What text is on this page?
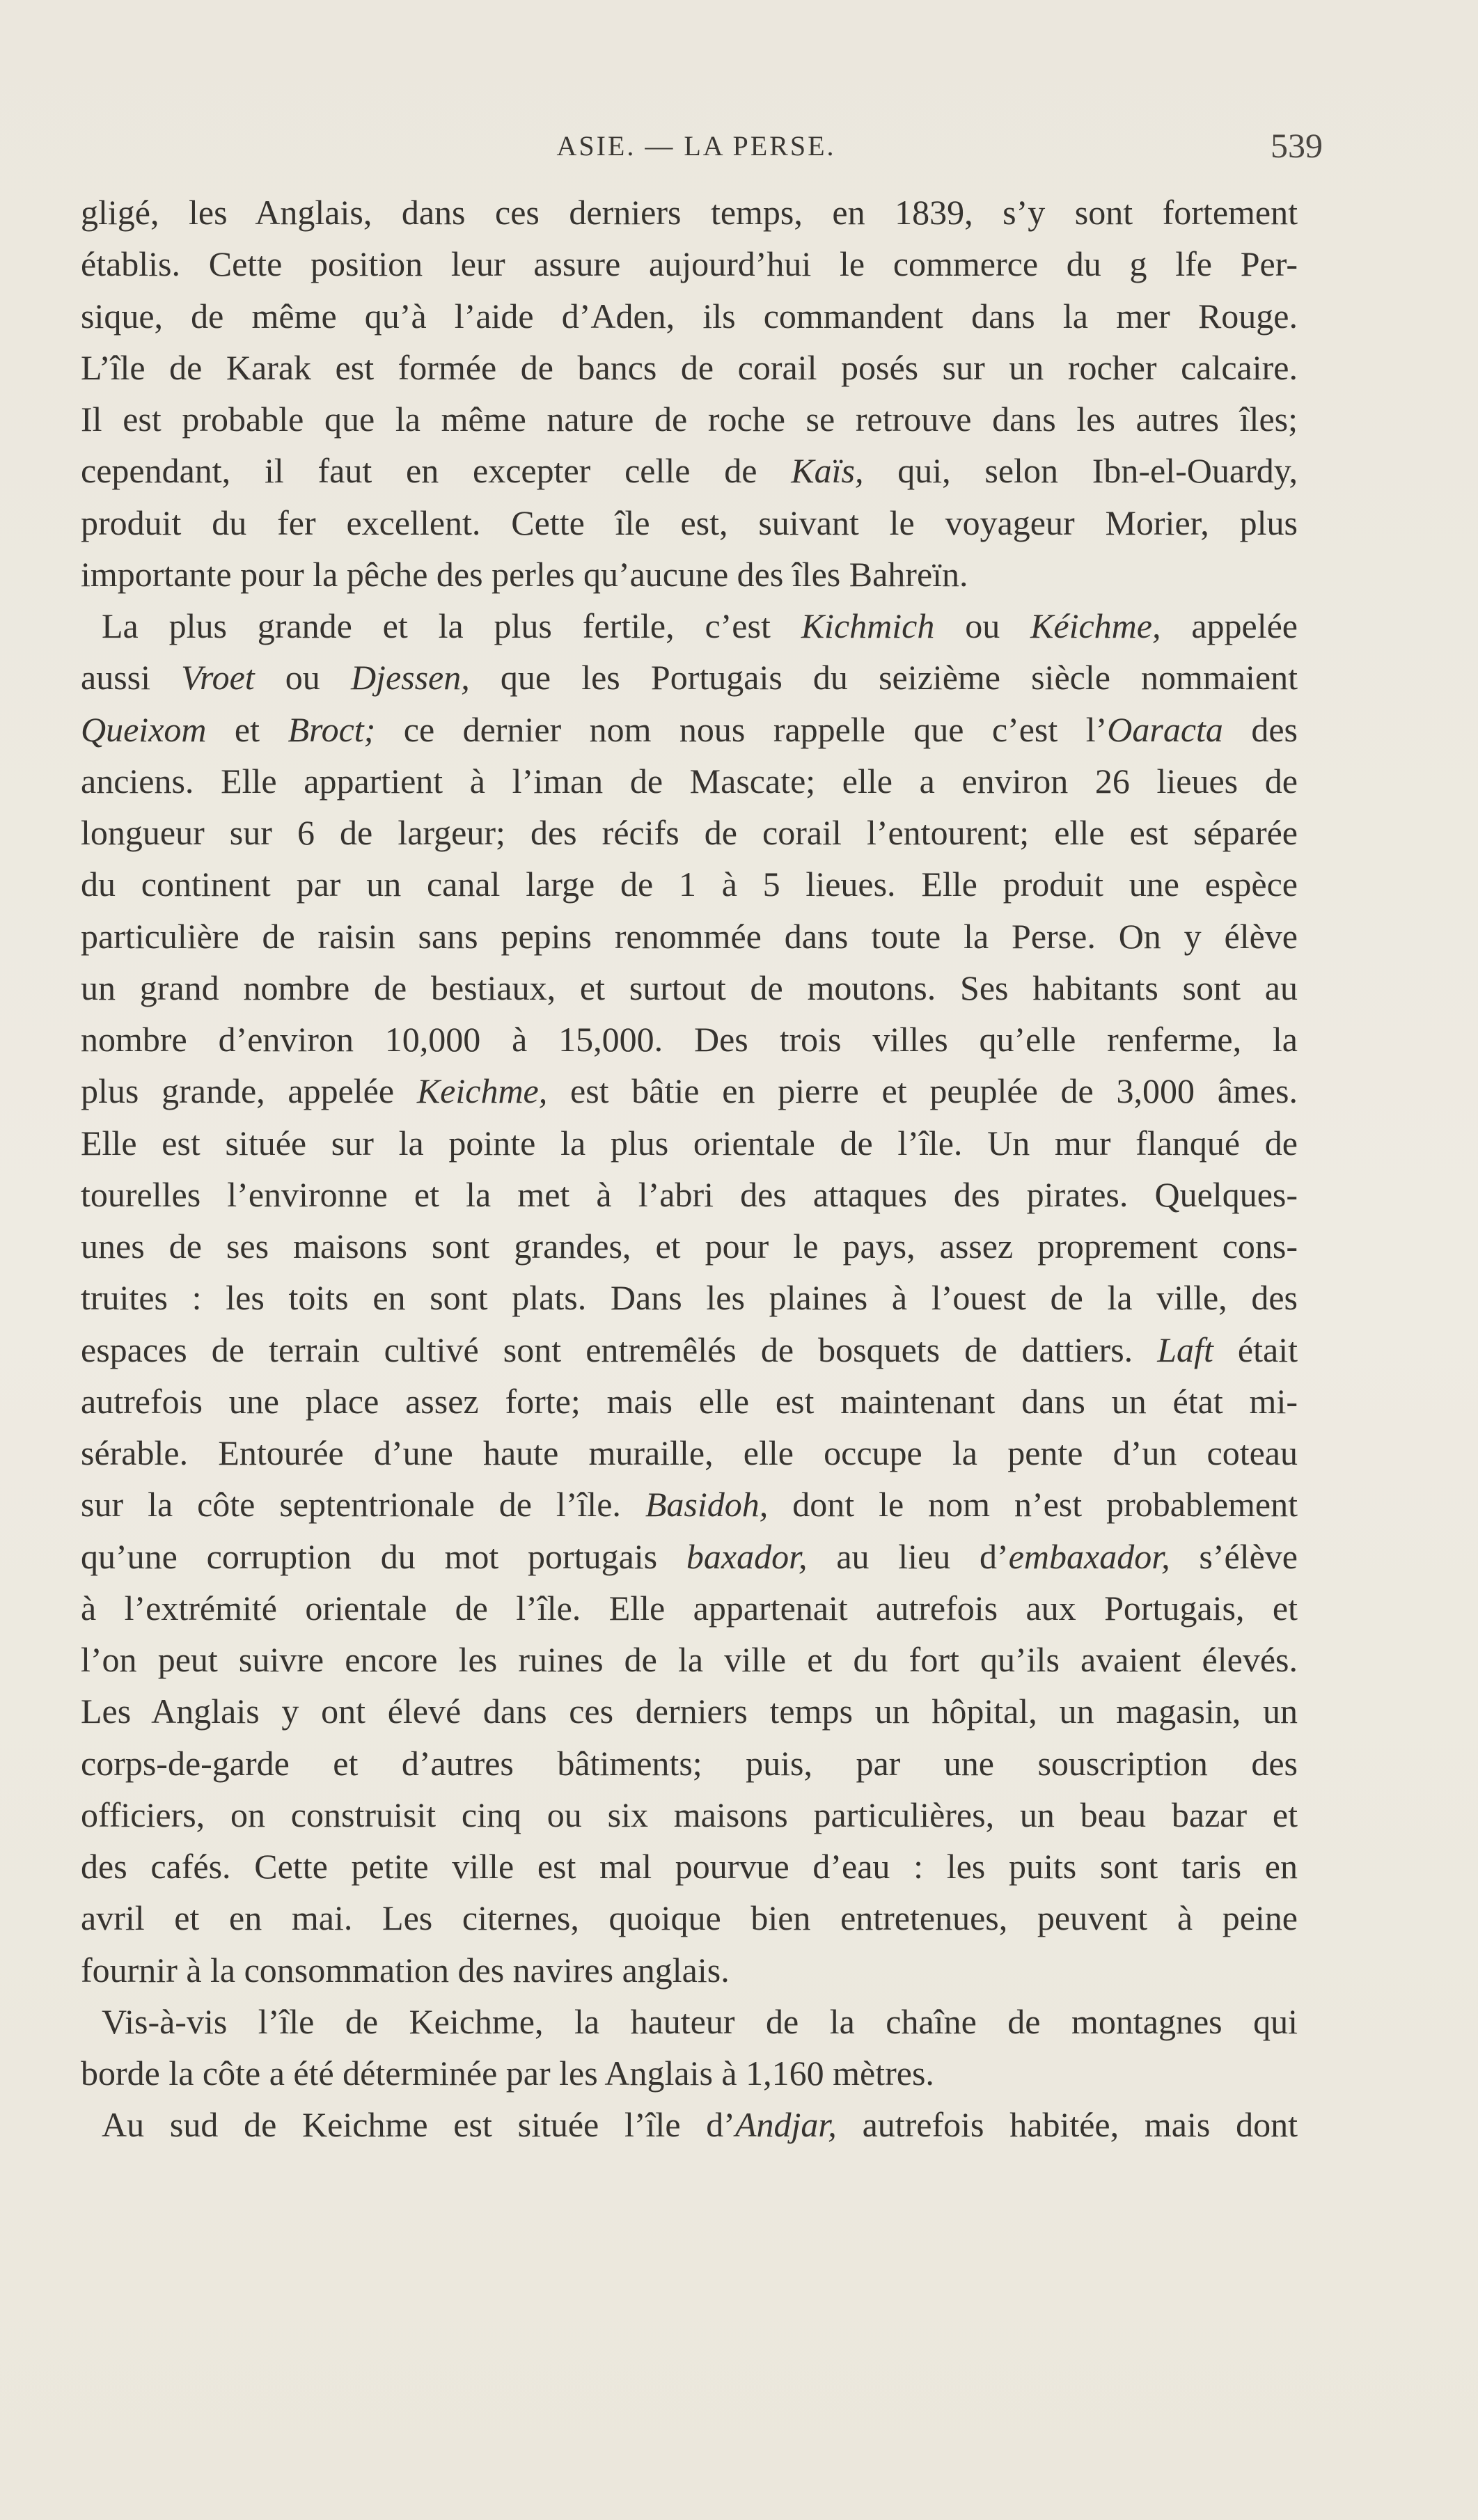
ASIE. — LA PERSE.	539
gligé, les Anglais, dans ces derniers temps, en 1839, s’y sont fortement
établis. Cette position leur assure aujourd’hui le commerce du g lfe Per-
sique, de même qu’à l’aide d’Aden, ils commandent dans la mer Rouge.
L’île de Karak est formée de bancs de corail posés sur un rocher calcaire.
Il est probable que la même nature de roche se retrouve dans les autres îles;
cependant, il faut en excepter celle de Kaïs, qui, selon Ibn-el-Ouardy,
produit du fer excellent. Cette île est, suivant le voyageur Morier, plus
importante pour la pêche des perles qu’aucune des îles Bahreïn.
La plus grande et la plus fertile, c’est Kichmich ou Kéichme, appelée
aussi Vroet ou Djessen, que les Portugais du seizième siècle nommaient
Queixom et Broct; ce dernier nom nous rappelle que c’est l’Oaracta des
anciens. Elle appartient à l’iman de Mascate; elle a environ 26 lieues de
longueur sur 6 de largeur; des récifs de corail l’entourent; elle est séparée
du continent par un canal large de 1 à 5 lieues. Elle produit une espèce
particulière de raisin sans pepins renommée dans toute la Perse. On y élève
un grand nombre de bestiaux, et surtout de moutons. Ses habitants sont au
nombre d’environ 10,000 à 15,000. Des trois villes qu’elle renferme, la
plus grande, appelée Keichme, est bâtie en pierre et peuplée de 3,000 âmes.
Elle est située sur la pointe la plus orientale de l’île. Un mur flanqué de
tourelles l’environne et la met à l’abri des attaques des pirates. Quelques-
unes de ses maisons sont grandes, et pour le pays, assez proprement cons-
truites : les toits en sont plats. Dans les plaines à l’ouest de la ville, des
espaces de terrain cultivé sont entremêlés de bosquets de dattiers. Laft était
autrefois une place assez forte; mais elle est maintenant dans un état mi-
sérable. Entourée d’une haute muraille, elle occupe la pente d’un coteau
sur la côte septentrionale de l’île. Basidoh, dont le nom n’est probablement
qu’une corruption du mot portugais baxador, au lieu d’embaxador, s’élève
à l’extrémité orientale de l’île. Elle appartenait autrefois aux Portugais, et
l’on peut suivre encore les ruines de la ville et du fort qu’ils avaient élevés.
Les Anglais y ont élevé dans ces derniers temps un hôpital, un magasin, un
corps-de-garde et d’autres bâtiments; puis, par une souscription des
officiers, on construisit cinq ou six maisons particulières, un beau bazar et
des cafés. Cette petite ville est mal pourvue d’eau : les puits sont taris en
avril et en mai. Les citernes, quoique bien entretenues, peuvent à peine
fournir à la consommation des navires anglais.
Vis-à-vis l’île de Keichme, la hauteur de la chaîne de montagnes qui
borde la côte a été déterminée par les Anglais à 1,160 mètres.
Au sud de Keichme est située l’île d’Andjar, autrefois habitée, mais dont
